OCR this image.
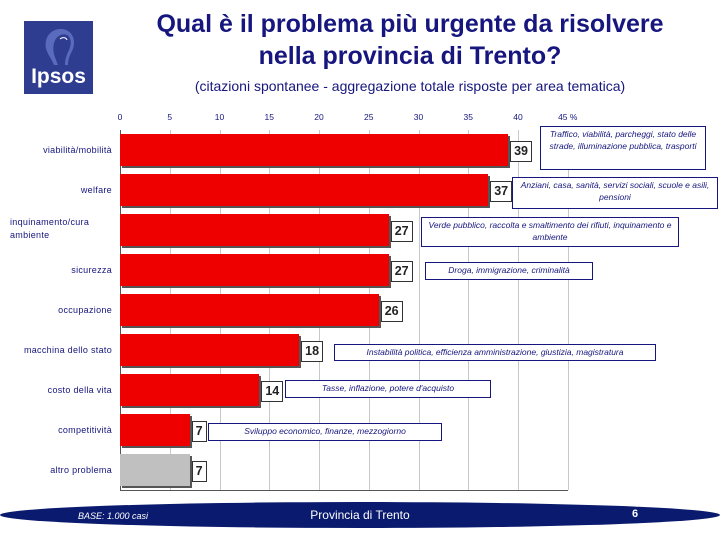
Ipsos
Qual è il problema più urgente da risolvere
nella provincia di Trento?
(citazioni spontanee - aggregazione totale risposte per area tematica)
0	5	10	15	20	25	30	35	40	45 %
viabilità/mobilità	39
Traffico, viabilità, parcheggi, stato delle strade, illuminazione pubblica, trasporti
welfare	37	Anziani, casa, sanità, servizi sociali, scuole e asili, pensioni
inquinamento/cura ambiente	27	Verde pubblico, raccolta e smaltimento dei rifiuti, inquinamento e ambiente
sicurezza	27	Droga, immigrazione, criminalità
occupazione	26
macchina dello stato	18	Instabilità politica, efficienza amministrazione, giustizia, magistratura
costo della vita	14	Tasse, inflazione, potere d'acquisto
competitività	7	Sviluppo economico, finanze, mezzogiorno
altro problema	7
BASE: 1.000 casi	Provincia di Trento	6
